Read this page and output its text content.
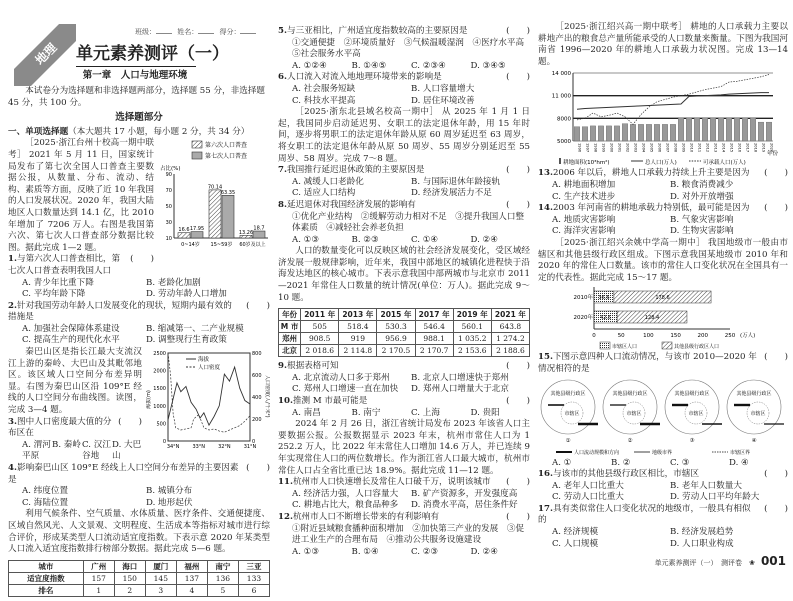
地理
班级：	姓名：	得分：
单元素养测评（一）
第一章　人口与地理环境

本试卷分为选择题和非选择题两部分，选择题 55 分，非选择题 45 分，共 100 分。

选择题部分
一、单项选择题（本大题共 17 小题，每小题 2 分，共 34 分）
占比(%)
10
30
50
70
90
第六次人口普查
16.6
70.14
13.26
第七次人口普查
17.95
63.35
18.7
0~14岁 15~59岁 60岁及以上

［2025·浙江台州十校高一期中联考］ 2021 年 5 月 11 日，国家统计局发布了第七次全国人口普查主要数据公报，从数量、分布、流动、结构、素质等方面，反映了近 10 年我国的人口发展状况。2020 年，我国大陆地区人口数量达到 14.1 亿，比 2010 年增加了 7206 万人。右图是我国第六次、第七次人口普查部分数据比较图。据此完成 1—2 题。

1.与第六次人口普查相比，第七次人口普查表明我国人口
(　　)
A. 青少年比重下降	B. 老龄化加剧
C. 平均年龄下降	D. 劳动年龄人口增加
2.针对我国劳动年龄人口发展变化的现状，短期内最有效的措施是
(　　)
A. 加强社会保障体系建设	B. 缩减第一、二产业规模
C. 提高生产的现代化水平	D. 调整现行生育政策
0
500
1000
1500
2000
2500
0
200
400
600
800
34°N	33°N	32°N	31°N
海拔(m)	人口密度(人/千米²)
海拔
人口密度

秦巴山区是指长江最大支流汉江上游的秦岭、大巴山及其毗邻地区。该区域人口空间分布差异明显。右图为秦巴山区沿 109°E 经线的人口空间分布曲线图。读图，完成 3—4 题。

3.图中人口密度最大值的分布区在
(　　)
A. 渭河平原
B. 秦岭 C. 汉江谷地
D. 大巴山
4.影响秦巴山区 109°E 经线上人口空间分布差异的主要因素是
(　　)
A. 纬度位置	B. 城镇分布
C. 海陆位置	D. 地形起伏

利用气候条件、空气质量、水体质量、医疗条件、交通便捷度、区域自然风光、人文景观、文明程度、生活成本等指标对城市进行综合评价，形成某类型人口流动适宜度指数。下表示意 2020 年某类型人口流入适宜度指数排行榜部分数据。据此完成 5—6 题。

城市	广州	海口	厦门	福州	南宁	三亚
适宜度指数	157	150	145	137	136	133
排名	1	2	3	4	5	6
5.与三亚相比，广州适宜度指数较高的主要原因是	(　　)
①交通便捷　②环境质量好　③气候温暖湿润　④医疗水平高　⑤社会服务水平高
A. ①②④	B. ①④⑤	C. ②③④	D. ③④⑤
6.人口流入对流入地地理环境带来的影响是	(　　)
A. 社会服务短缺	B. 人口容量增大
C. 科技水平提高	D. 居住环境改善

［2025·浙东北县域名校高一期中］ 从 2025 年 1 月 1 日起，我国同步启动延迟男、女职工的法定退休年龄，用 15 年时间，逐步将男职工的法定退休年龄从原 60 周岁延迟至 63 周岁，将女职工的法定退休年龄从原 50 周岁、55 周岁分别延迟至 55 周岁、58 周岁。完成 7～8 题。

7.我国推行延迟退休政策的主要原因是	(　　)
A. 减缓人口老龄化	B. 与国际退休年龄接轨
C. 适应人口结构	D. 经济发展活力不足
8.延迟退休对我国经济发展的影响有	(　　)
①优化产业结构　②缓解劳动力相对不足　③提升我国人口整体素质　④减轻社会养老负担
A. ①③	B. ②③	C. ①④	D. ②④

人口的数量变化可以反映区域的社会经济发展变化，受区域经济发展一般规律影响，近年来，我国中部地区的城镇化进程快于沿海发达地区的核心城市。下表示意我国中部两城市与北京市 2011—2021 年常住人口数量的统计情况(单位：万人)。据此完成 9～10 题。

年份	2011 年	2013 年	2015 年	2017 年	2019 年	2021 年
M 市	505	518.4	530.3	546.4	560.1	643.8
郑州	908.5	919	956.9	988.1	1 035.2	1 274.2
北京	2 018.6	2 114.8	2 170.5	2 170.7	2 153.6	2 188.6
9.根据表格可知	(　　)
A. 北京流动人口多于郑州	B. 北京人口增速快于郑州
C. 郑州人口增速一直在加快	D. 郑州人口增量大于北京
10.推测 M 市最可能是	(　　)
A. 南昌	B. 南宁	C. 上海	D. 贵阳

2024 年 2 月 26 日，浙江省统计局发布 2023 年该省人口主要数据公报。公报数据显示 2023 年末，杭州市常住人口为 1 252.2 万人，比 2022 年末常住人口增加 14.6 万人，并已连续 9 年实现常住人口的两位数增长。作为浙江省人口最大城市，杭州市常住人口占全省比重已达 18.9%。据此完成 11—12 题。

11.杭州市人口快速增长及常住人口破千万，说明该城市 (　　)
A. 经济活力强，人口容量大	B. 矿产资源多，开发强度高
C. 耕地占比大，粮食品种多	D. 消费水平高，居住条件好
12.杭州市人口不断增长带来的有利影响有	(　　)
①附近县域粮食播种面积增加　②加快第三产业的发展　③促进工业生产的合理布局　④推动公共服务设施建设
A. ①③	B. ①④	C. ②③	D. ②④

［2025·浙江绍兴高一期中联考］ 耕地的人口承载力主要以耕地产出的粮食总产量所能承受的人口数量来衡量。下图为我国河南省 1996—2020 年的耕地人口承载力状况图。完成 13—14 题。

5000
8000
11 000
14 000
1996 1997 1998 1999 2000 2001 2002 2003 2004 2005 2006 2007 2008 2009 2010 2011 2012 2013 2014 2015 2016 2017 2018 2019 2020
年份
耕地面积(10³hm²)	总人口(万人)	可承载人口(万人)
13.2006 年以后，耕地人口承载力持续上升主要是因为 (　　)
A. 耕地面积增加	B. 粮食消费减少
C. 生产技术进步	D. 对外开放增强
14.2003 年河南省的耕地承载力特别低，最可能是因为 (　　)
A. 地质灾害影响	B. 气象灾害影响
C. 海洋灾害影响	D. 生物灾害影响

［2025·浙江绍兴余姚中学高一期中］ 我国地级市一般由市辖区和其他县级行政区组成。下图示意我国某地级市 2010 年和 2020 年的常住人口数量。该市的常住人口变化状况在全国具有一定的代表性。据此完成 15～17 题。

2010年 36.6	178.6
2020年 42.5	128.4
0	50	100	150	200	250 (万人)
市辖区人口	其他县级行政区人口
15.下图示意四种人口流动情况，与该市 2010—2020 年情况相符的是
(　　)
其他县级行政区
市辖区
①
其他县级行政区
市辖区
②
其他县级行政区
市辖区
③
其他县级行政区
市辖区
④
人口流动规模和方向	地级市界	市辖区界
A. ①	B. ②	C. ③	D. ④
16.与该市的其他县级行政区相比，市辖区	(　　)
A. 老年人口比重大	B. 老年人口数量大
C. 劳动人口比重大	D. 劳动人口平均年龄大
17.具有类似常住人口变化状况的地级市，一般具有相似的
(　　)
A. 经济规模	B. 经济发展趋势
C. 人口规模	D. 人口职业构成
单元素养测评（一）　测评卷　❀ 001
